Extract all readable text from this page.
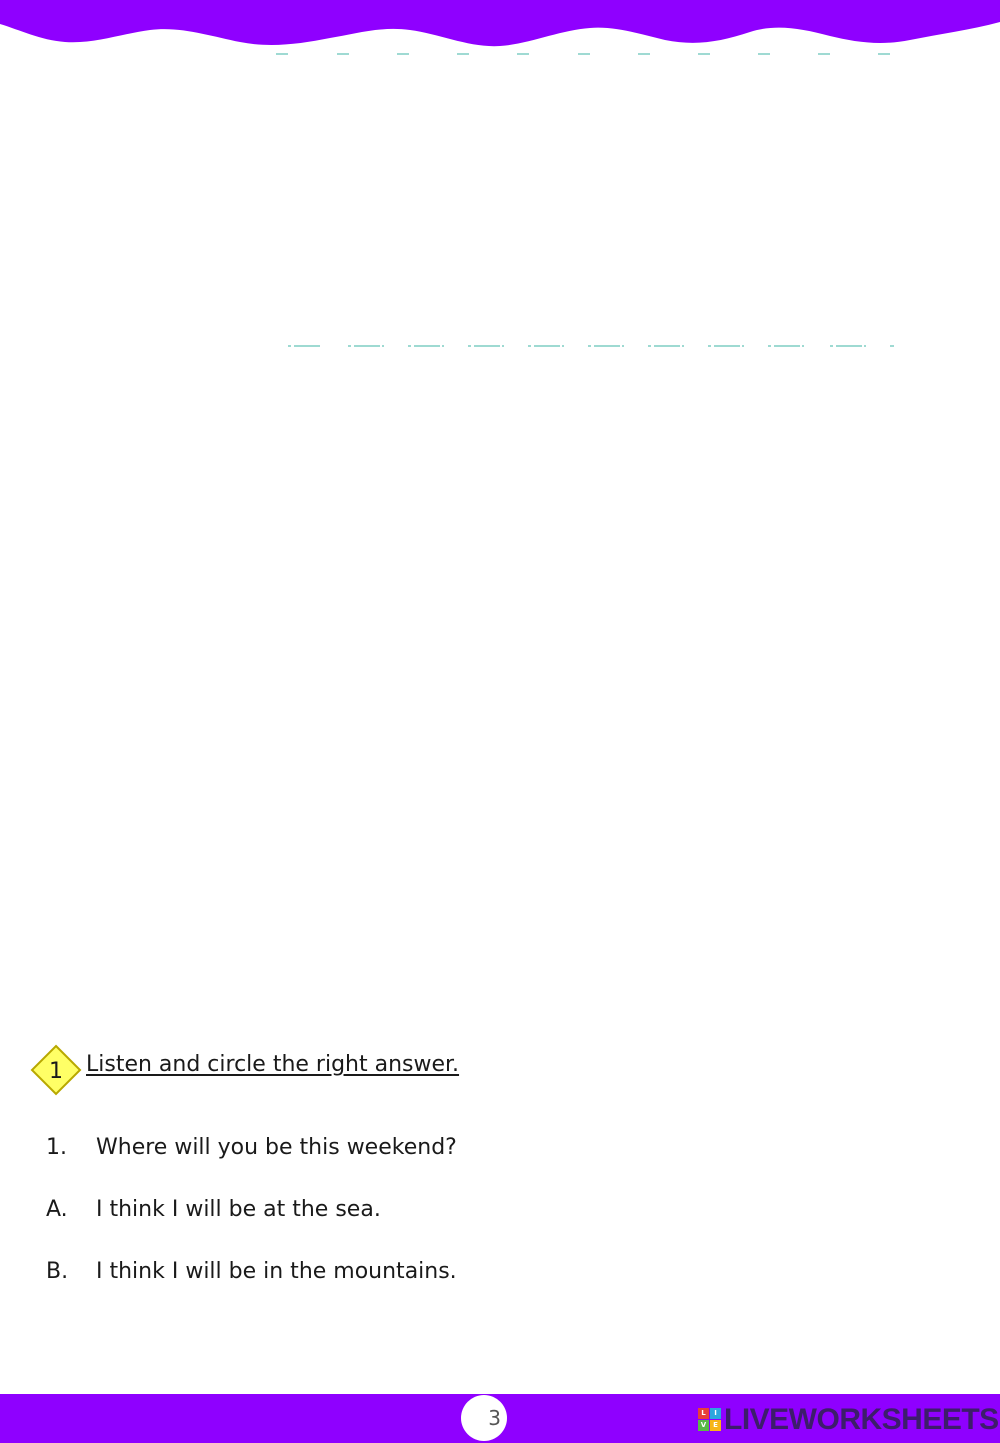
1 Listen and circle the right answer.
1. Where will you be this weekend?
A. I think I will be at the sea.
B. I think I will be in the mountains.
3	L	I
V E LIVEWORKSHEETS
